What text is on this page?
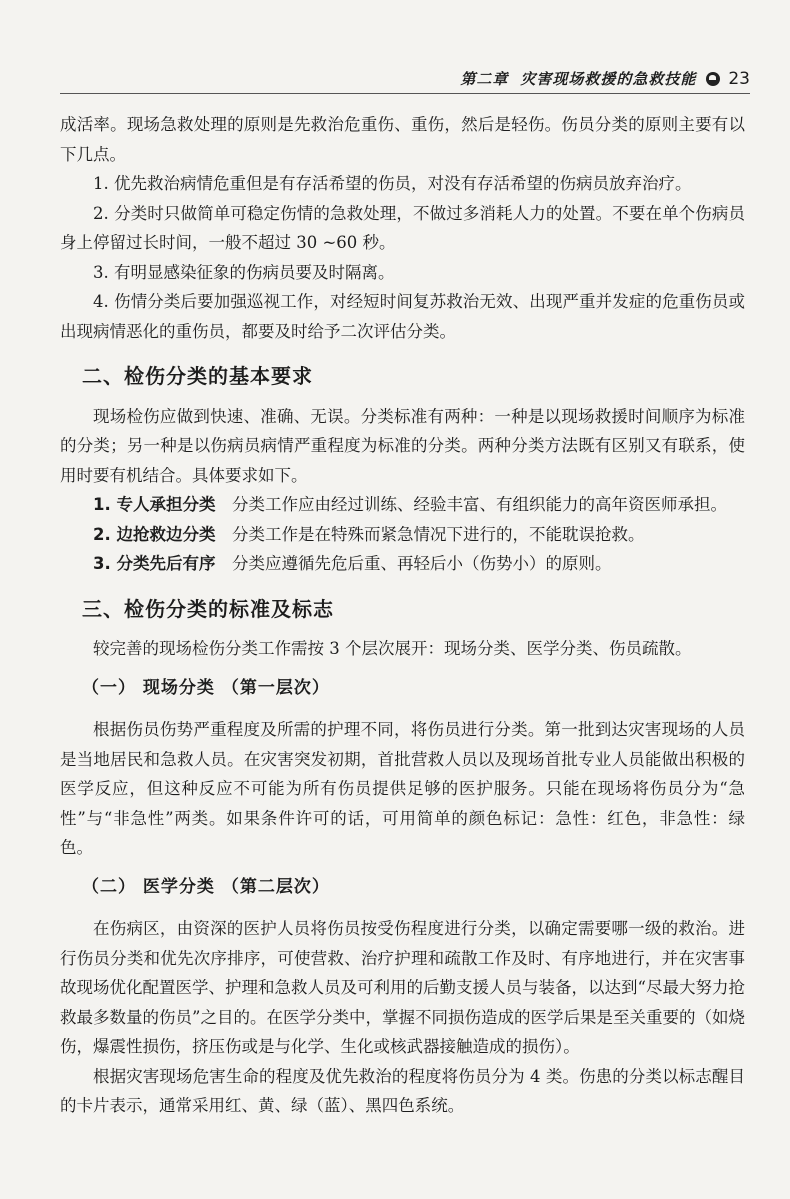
第二章 灾害现场救援的急救技能 23

成活率。现场急救处理的原则是先救治危重伤、重伤，然后是轻伤。伤员分类的原则主要有以下几点。

1. 优先救治病情危重但是有存活希望的伤员，对没有存活希望的伤病员放弃治疗。

2. 分类时只做简单可稳定伤情的急救处理，不做过多消耗人力的处置。不要在单个伤病员身上停留过长时间，一般不超过 30 ~60 秒。

3. 有明显感染征象的伤病员要及时隔离。

4. 伤情分类后要加强巡视工作，对经短时间复苏救治无效、出现严重并发症的危重伤员或出现病情恶化的重伤员，都要及时给予二次评估分类。

二、检伤分类的基本要求

现场检伤应做到快速、准确、无误。分类标准有两种：一种是以现场救援时间顺序为标准的分类；另一种是以伤病员病情严重程度为标准的分类。两种分类方法既有区别又有联系，使用时要有机结合。具体要求如下。

1. 专人承担分类　 分类工作应由经过训练、经验丰富、有组织能力的高年资医师承担。

2. 边抢救边分类　 分类工作是在特殊而紧急情况下进行的，不能耽误抢救。

3. 分类先后有序　 分类应遵循先危后重、再轻后小（伤势小）的原则。

三、检伤分类的标准及标志

较完善的现场检伤分类工作需按 3 个层次展开：现场分类、医学分类、伤员疏散。

（一） 现场分类 （第一层次）

根据伤员伤势严重程度及所需的护理不同，将伤员进行分类。第一批到达灾害现场的人员是当地居民和急救人员。在灾害突发初期，首批营救人员以及现场首批专业人员能做出积极的医学反应，但这种反应不可能为所有伤员提供足够的医护服务。只能在现场将伤员分为“急性”与“非急性”两类。如果条件许可的话，可用简单的颜色标记：急性：红色，非急性：绿色。

（二） 医学分类 （第二层次）

在伤病区，由资深的医护人员将伤员按受伤程度进行分类，以确定需要哪一级的救治。进行伤员分类和优先次序排序，可使营救、治疗护理和疏散工作及时、有序地进行，并在灾害事故现场优化配置医学、护理和急救人员及可利用的后勤支援人员与装备，以达到“尽最大努力抢救最多数量的伤员”之目的。在医学分类中，掌握不同损伤造成的医学后果是至关重要的（如烧伤，爆震性损伤，挤压伤或是与化学、生化或核武器接触造成的损伤）。

根据灾害现场危害生命的程度及优先救治的程度将伤员分为 4 类。伤患的分类以标志醒目的卡片表示，通常采用红、黄、绿（蓝）、黑四色系统。
